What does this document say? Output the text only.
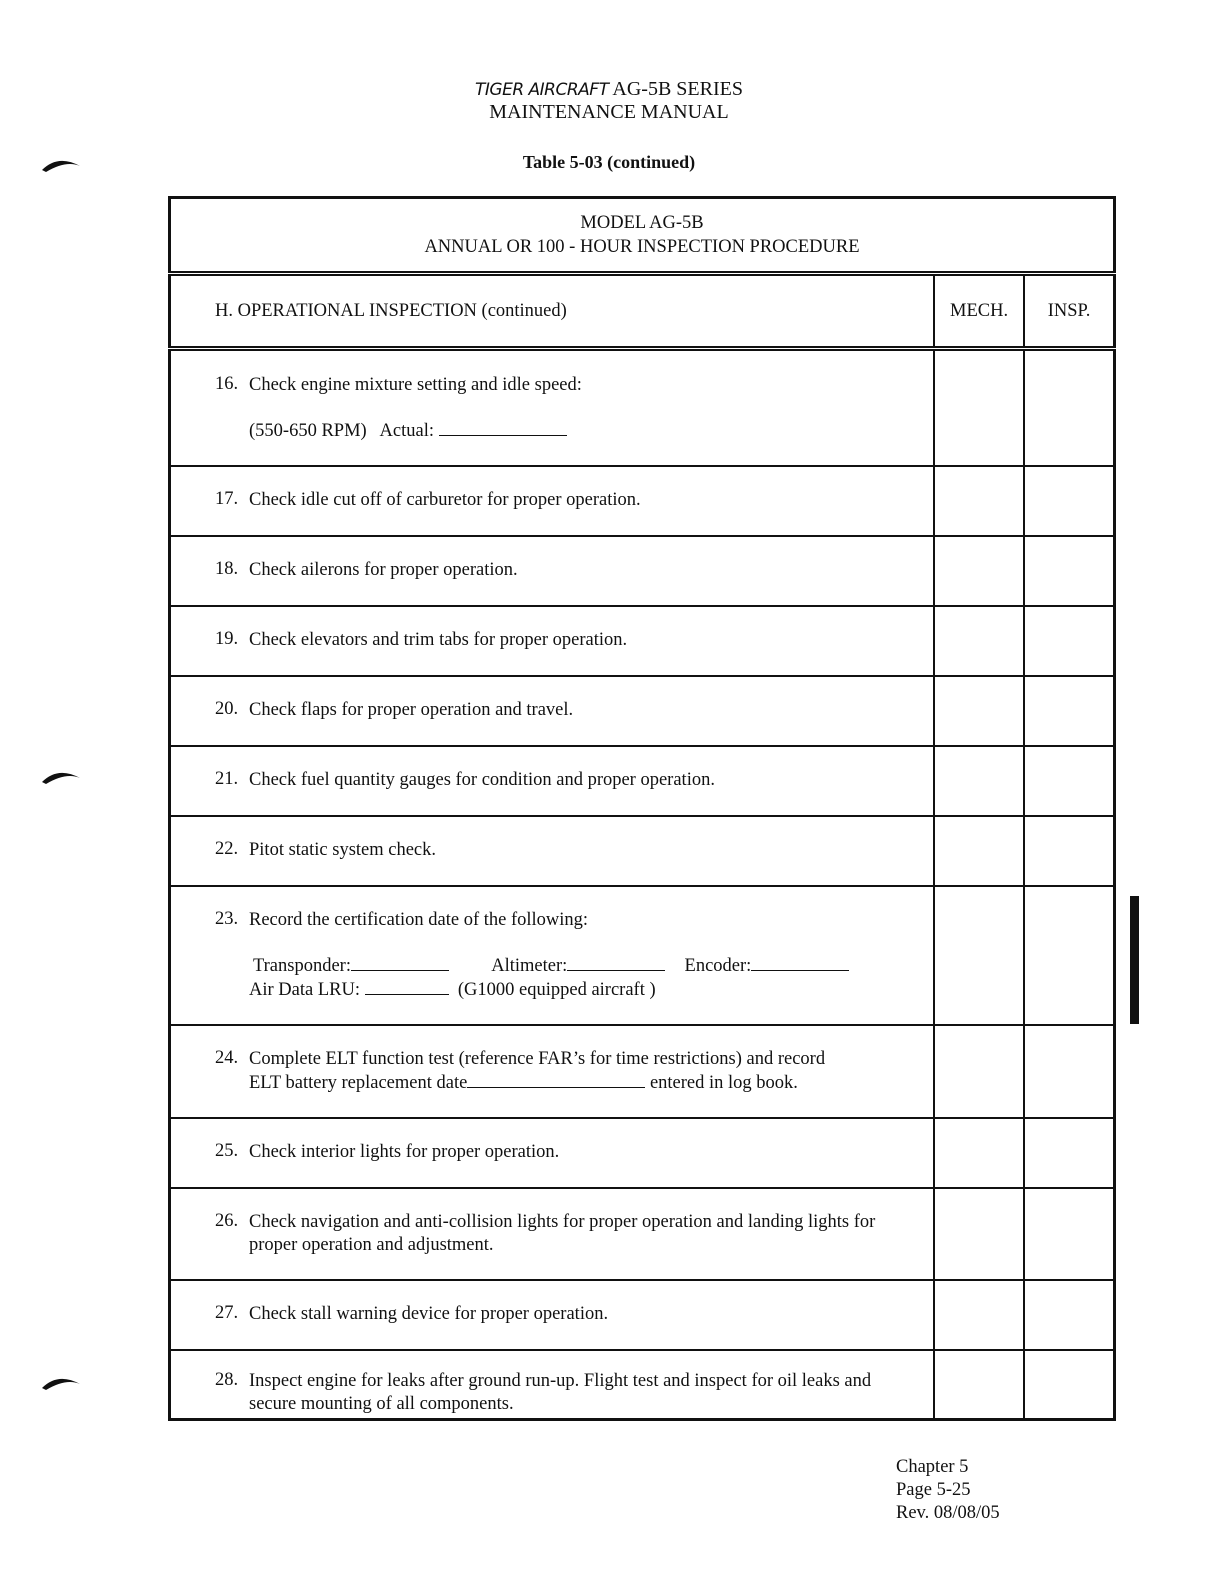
TIGER AIRCRAFT AG-5B SERIES
MAINTENANCE MANUAL
Table 5-03 (continued)
MODEL AG-5B
ANNUAL OR 100 - HOUR INSPECTION PROCEDURE		

H. OPERATIONAL INSPECTION (continued)	MECH.	INSP.

16. Check engine mixture setting and idle speed:
(550-650 RPM) Actual:		

17. Check idle cut off of carburetor for proper operation.		

18. Check ailerons for proper operation.		

19. Check elevators and trim tabs for proper operation.		

20. Check flaps for proper operation and travel.		

21. Check fuel quantity gauges for condition and proper operation.		

22. Pitot static system check.		

23. Record the certification date of the following:
Transponder: Altimeter: Encoder:
Air Data LRU: (G1000 equipped aircraft )		

24. Complete ELT function test (reference FAR’s for time restrictions) and record
ELT battery replacement date entered in log book.		

25. Check interior lights for proper operation.		

26. Check navigation and anti-collision lights for proper operation and landing lights for proper operation and adjustment.		

27. Check stall warning device for proper operation.		

28. Inspect engine for leaks after ground run-up. Flight test and inspect for oil leaks and secure mounting of all components.		

Chapter 5
Page 5-25
Rev. 08/08/05
